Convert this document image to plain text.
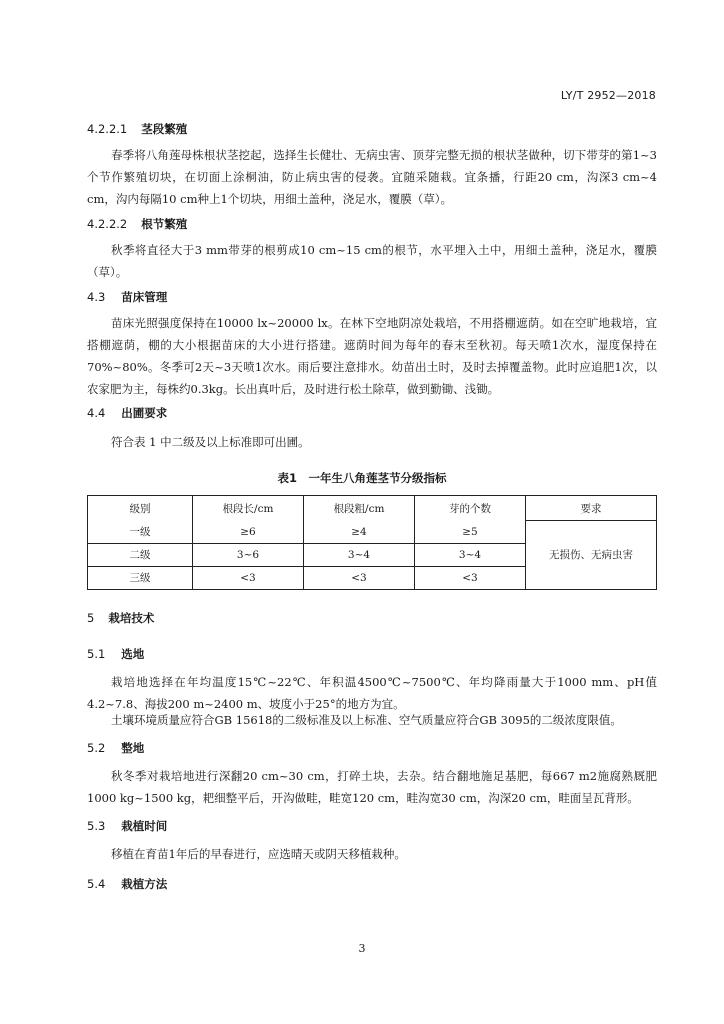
LY/T 2952—2018
4.2.2.1 茎段繁殖
春季将八角莲母株根状茎挖起，选择生长健壮、无病虫害、顶芽完整无损的根状茎做种，切下带芽的第1~3个节作繁殖切块，在切面上涂桐油，防止病虫害的侵袭。宜随采随栽。宜条播，行距20 cm，沟深3 cm~4 cm，沟内每隔10 cm种上1个切块，用细土盖种，浇足水，覆膜（草）。
4.2.2.2 根节繁殖
秋季将直径大于3 mm带芽的根剪成10 cm~15 cm的根节，水平埋入土中，用细土盖种，浇足水，覆膜（草）。
4.3 苗床管理
苗床光照强度保持在10000 lx~20000 lx。在林下空地阴凉处栽培，不用搭棚遮荫。如在空旷地栽培，宜搭棚遮荫，棚的大小根据苗床的大小进行搭建。遮荫时间为每年的春末至秋初。每天喷1次水，湿度保持在70%~80%。冬季可2天~3天喷1次水。雨后要注意排水。幼苗出土时，及时去掉覆盖物。此时应追肥1次，以农家肥为主，每株约0.3kg。长出真叶后，及时进行松土除草，做到勤锄、浅锄。
4.4 出圃要求
符合表 1 中二级及以上标准即可出圃。
表1　一年生八角莲茎节分级指标
级别	根段长/cm	根段粗/cm	芽的个数	要求
一级	≥6	≥4	≥5	无损伤、无病虫害
二级	3~6	3~4	3~4	
三级	<3	<3	<3	
5 栽培技术
5.1 选地
栽培地选择在年均温度15℃~22℃、年积温4500℃~7500℃、年均降雨量大于1000 mm、pH值4.2~7.8、海拔200 m~2400 m、坡度小于25°的地方为宜。
土壤环境质量应符合GB 15618的二级标准及以上标准、空气质量应符合GB 3095的二级浓度限值。
5.2 整地
秋冬季对栽培地进行深翻20 cm~30 cm，打碎土块，去杂。结合翻地施足基肥，每667 m2施腐熟厩肥1000 kg~1500 kg，耙细整平后，开沟做畦，畦宽120 cm，畦沟宽30 cm，沟深20 cm，畦面呈瓦背形。
5.3 栽植时间
移植在育苗1年后的早春进行，应选晴天或阴天移植栽种。
5.4 栽植方法
3
